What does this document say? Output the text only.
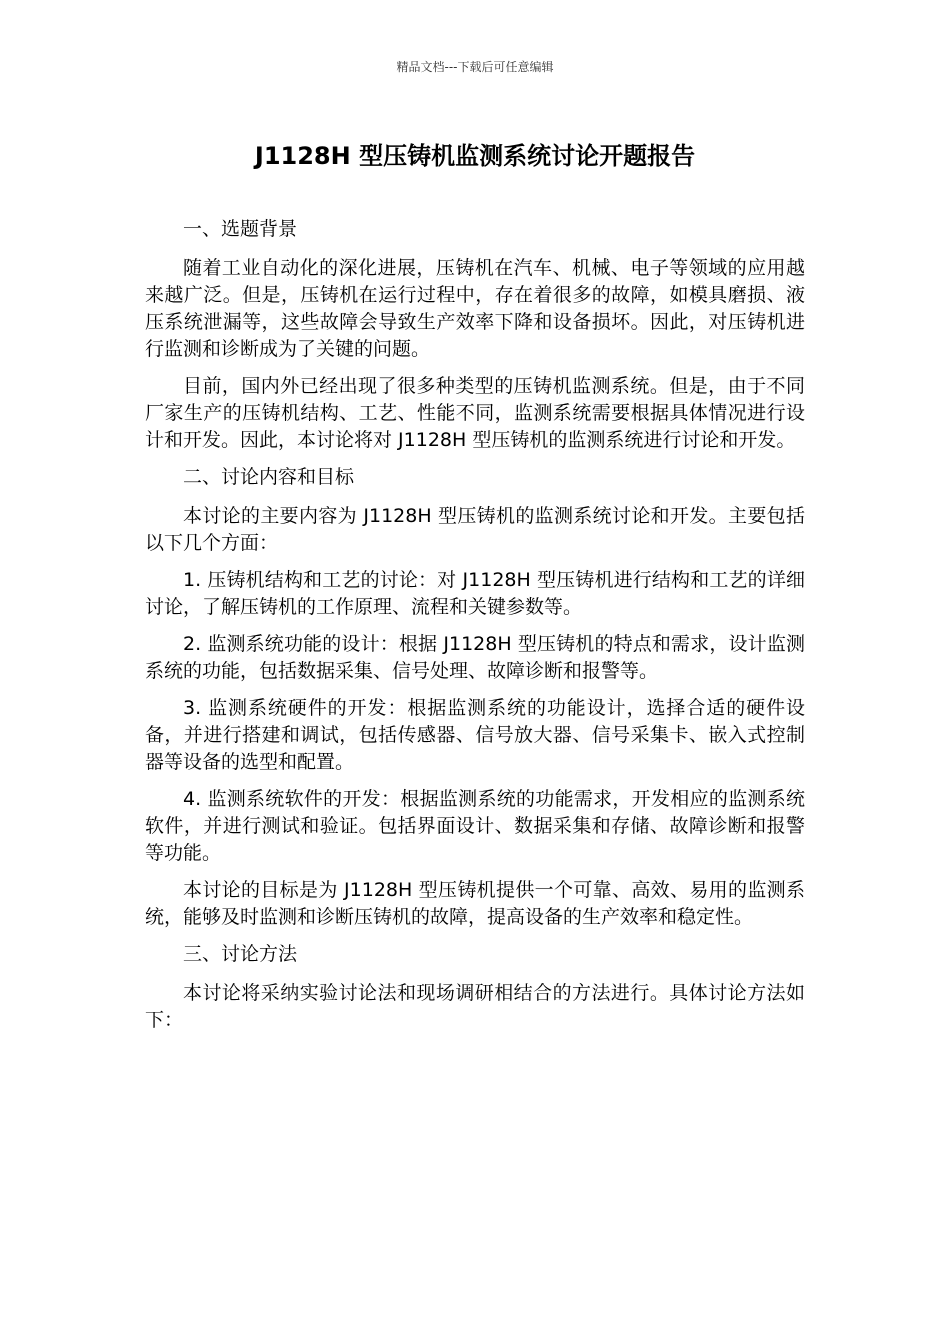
精品文档---下载后可任意编辑
J1128H 型压铸机监测系统讨论开题报告

一、选题背景

随着工业自动化的深化进展，压铸机在汽车、机械、电子等领域的应用越来越广泛。但是，压铸机在运行过程中，存在着很多的故障，如模具磨损、液压系统泄漏等，这些故障会导致生产效率下降和设备损坏。因此，对压铸机进行监测和诊断成为了关键的问题。

目前，国内外已经出现了很多种类型的压铸机监测系统。但是，由于不同厂家生产的压铸机结构、工艺、性能不同，监测系统需要根据具体情况进行设计和开发。因此，本讨论将对 J1128H 型压铸机的监测系统进行讨论和开发。

二、讨论内容和目标

本讨论的主要内容为 J1128H 型压铸机的监测系统讨论和开发。主要包括以下几个方面：

1. 压铸机结构和工艺的讨论：对 J1128H 型压铸机进行结构和工艺的详细讨论，了解压铸机的工作原理、流程和关键参数等。

2. 监测系统功能的设计：根据 J1128H 型压铸机的特点和需求，设计监测系统的功能，包括数据采集、信号处理、故障诊断和报警等。

3. 监测系统硬件的开发：根据监测系统的功能设计，选择合适的硬件设备，并进行搭建和调试，包括传感器、信号放大器、信号采集卡、嵌入式控制器等设备的选型和配置。

4. 监测系统软件的开发：根据监测系统的功能需求，开发相应的监测系统软件，并进行测试和验证。包括界面设计、数据采集和存储、故障诊断和报警等功能。

本讨论的目标是为 J1128H 型压铸机提供一个可靠、高效、易用的监测系统，能够及时监测和诊断压铸机的故障，提高设备的生产效率和稳定性。

三、讨论方法

本讨论将采纳实验讨论法和现场调研相结合的方法进行。具体讨论方法如下：
